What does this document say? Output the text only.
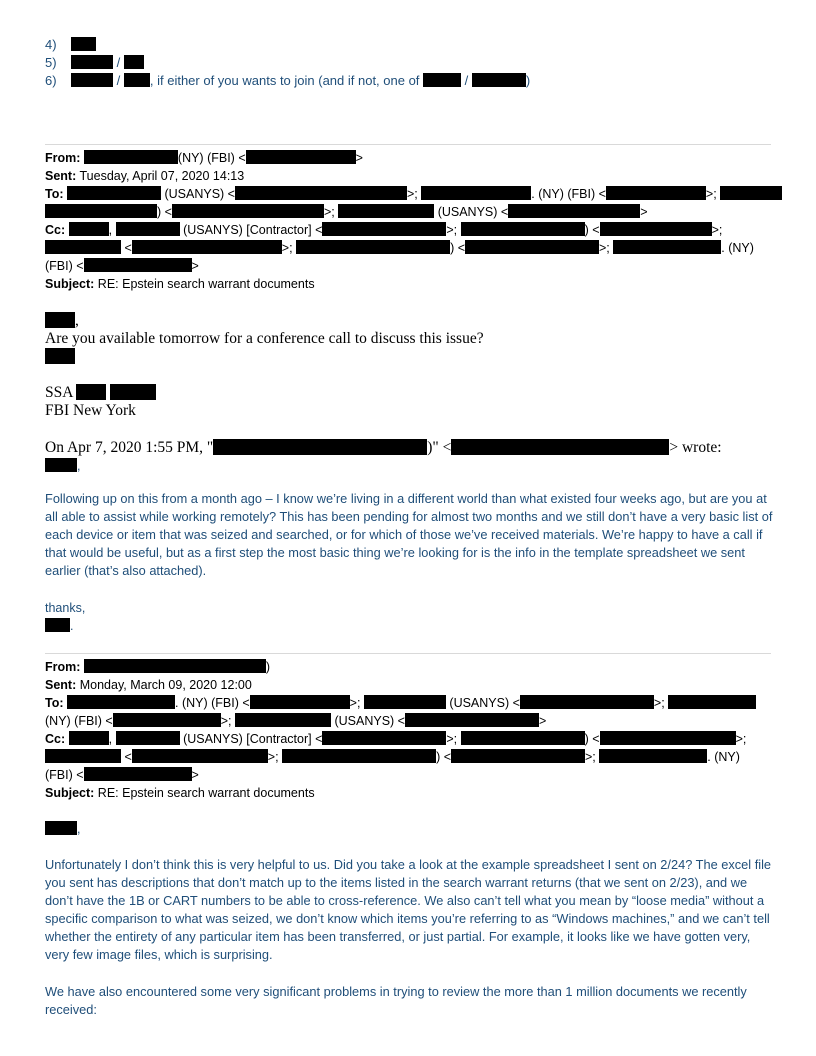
4)
5)	/
6)	/ , if either of you wants to join (and if not, one of	/	)
From:	(NY) (FBI) <	>
Sent: Tuesday, April 07, 2020 14:13
To:	(USANYS) <	>;	. (NY) (FBI) <	>;
) <	>;	(USANYS) <	>
Cc:	,	(USANYS) [Contractor] <	>;	) <	>;
<	>;	) <	>;	. (NY)
(FBI) <	>
Subject: RE: Epstein search warrant documents
,
Are you available tomorrow for a conference call to discuss this issue?
SSA
FBI New York
On Apr 7, 2020 1:55 PM, "	)" <	> wrote:
,
Following up on this from a month ago – I know we’re living in a different world than what existed four weeks ago, but are you at all able to assist while working remotely? This has been pending for almost two months and we still don’t have a very basic list of each device or item that was seized and searched, or for which of those we’ve received materials. We’re happy to have a call if that would be useful, but as a first step the most basic thing we’re looking for is the info in the template spreadsheet we sent earlier (that’s also attached).
thanks,
.
From:	)
Sent: Monday, March 09, 2020 12:00
To:	. (NY) (FBI) <	>;	(USANYS) <	>;
(NY) (FBI) <	>;	(USANYS) <	>
Cc:	,	(USANYS) [Contractor] <	>;	) <	>;
<	>;	) <	>;	. (NY)
(FBI) <	>
Subject: RE: Epstein search warrant documents
,
Unfortunately I don’t think this is very helpful to us. Did you take a look at the example spreadsheet I sent on 2/24? The excel file you sent has descriptions that don’t match up to the items listed in the search warrant returns (that we sent on 2/23), and we don’t have the 1B or CART numbers to be able to cross-reference. We also can’t tell what you mean by “loose media” without a specific comparison to what was seized, we don’t know which items you’re referring to as “Windows machines,” and we can’t tell whether the entirety of any particular item has been transferred, or just partial. For example, it looks like we have gotten very, very few image files, which is surprising.
We have also encountered some very significant problems in trying to review the more than 1 million documents we recently received:
